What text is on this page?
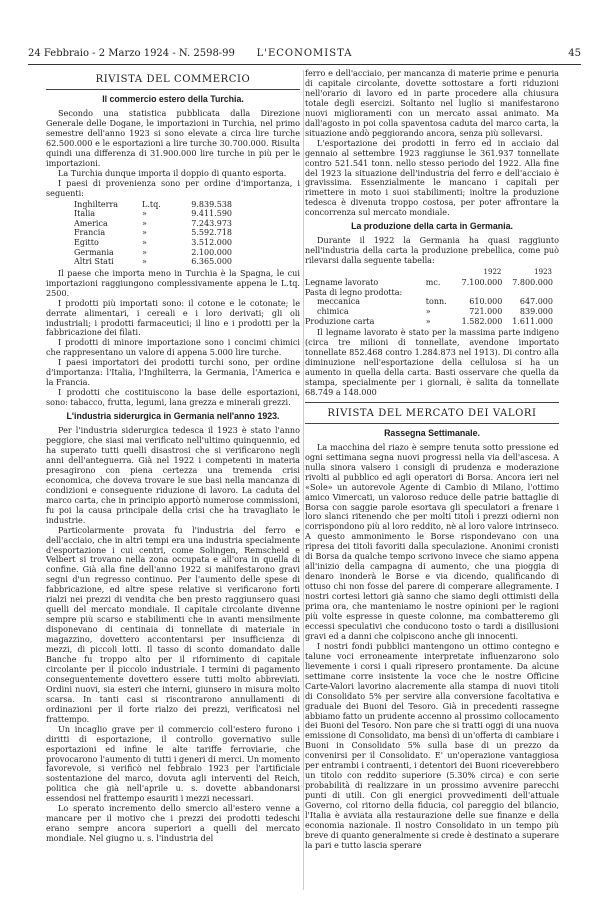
24 Febbraio - 2 Marzo 1924 - N. 2598-99	L'ECONOMISTA	45
RIVISTA DEL COMMERCIO
Il commercio estero della Turchia.

Secondo una statistica pubblicata dalla Direzione Generale delle Dogane, le importazioni in Turchia, nel primo semestre dell'anno 1923 si sono elevate a circa lire turche 62.500.000 e le esportazioni a lire turche 30.700.000. Risulta quindi una differenza di 31.900.000 lire turche in più per le importazioni.

La Turchia dunque importa il doppio di quanto esporta.

I paesi di provenienza sono per ordine d'importanza, i seguenti:

Inghilterra	L.tq.	9.839.538
Italia	»	9.411.590
America	»	7.243.973
Francia	»	5.592.718
Egitto	»	3.512.000
Germania	»	2.100.000
Altri Stati	»	6.365.000

Il paese che importa meno in Turchia è la Spagna, le cui importazioni raggiungono complessivamente appena le L.tq. 2500.

I prodotti più importati sono: il cotone e le cotonate; le derrate alimentari, i cereali e i loro derivati; gli oli industriali; i prodotti farmaceutici; il lino e i prodotti per la fabbricazione dei filati.

I prodotti di minore importazione sono i concimi chimici che rappresentano un valore di appena 5.000 lire turche.

I paesi importatori dei prodotti turchi sono, per ordine d'importanza: l'Italia, l'Inghilterra, la Germania, l'America e la Francia.

I prodotti che costituiscono la base delle esportazioni, sono: tabacco, frutta, legumi, lana grezza e minerali grezzi.

L'industria siderurgica in Germania nell'anno 1923.

Per l'industria siderurgica tedesca il 1923 è stato l'anno peggiore, che siasi mai verificato nell'ultimo quinquennio, ed ha superato tutti quelli disastrosi che si verificarono negli anni dell'anteguerra. Già nel 1922 i competenti in materia presagirono con piena certezza una tremenda crisi economica, che doveva trovare le sue basi nella mancanza di condizioni e conseguente riduzione di lavoro. La caduta del marco carta, che in principio apportò numerose commissioni, fu poi la causa principale della crisi che ha travagliato le industrie.

Particolarmente provata fu l'industria del ferro e dell'acciaio, che in altri tempi era una industria specialmente d'esportazione i cui centri, come Solingen, Remscheid e Velbert si trovano nella zona occupata e all'ora in quella di confine. Già alla fine dell'anno 1922 si manifestarono gravi segni d'un regresso continuo. Per l'aumento delle spese di fabbricazione, ed altre spese relative si verificarono forti rialzi nei prezzi di vendita che ben presto raggiunsero quasi quelli del mercato mondiale. Il capitale circolante divenne sempre più scarso e stabilimenti che in avanti mensilmente disponevano di centinaia di tonnellate di materiale in magazzino, dovettero accontentarsi per insufficienza di mezzi, di piccoli lotti. Il tasso di sconto domandato dalle Banche fu troppo alto per il rifornimento di capitale circolante per il piccolo industriale. I termini di pagamento conseguentemente dovettero essere tutti molto abbreviati. Ordini nuovi, sia esteri che interni, giunsero in misura molto scarsa. In tanti casi si riscontrarono annullamenti di ordinazioni per il forte rialzo dei prezzi, verificatosi nel frattempo.

Un incaglio grave per il commercio coll'estero furono i diritti di esportazione, il controllo governativo sulle esportazioni ed infine le alte tariffe ferroviarie, che provocarono l'aumento di tutti i generi di merci. Un momento favorevole, si verificò nel febbraio 1923 per l'artificiale sostentazione del marco, dovuta agli interventi del Reich, politica che già nell'aprile u. s. dovette abbandonarsi essendosi nel frattempo esauriti i mezzi necessari.

Lo sperato incremento dello smercio all'estero venne a mancare per il motivo che i prezzi dei prodotti tedeschi erano sempre ancora superiori a quelli del mercato mondiale. Nel giugno u. s. l'industria del

ferro e dell'acciaio, per mancanza di materie prime e penuria di capitale circolante, dovette sottostare a forti riduzioni nell'orario di lavoro ed in parte procedere alla chiusura totale degli esercizi. Soltanto nel luglio si manifestarono nuovi miglioramenti con un mercato assai animato. Ma dall'agosto in poi colla spaventosa caduta del marco carta, la situazione andò peggiorando ancora, senza più sollevarsi.

L'esportazione dei prodotti in ferro ed in acciaio dal gennaio al settembre 1923 raggiunse le 361.937 tonnellate contro 521.541 tonn. nello stesso periodo del 1922. Alla fine del 1923 la situazione dell'industria del ferro e dell'acciaio è gravissima. Essenzialmente le mancano i capitali per rimettere in moto i suoi stabilimenti; inoltre la produzione tedesca è divenuta troppo costosa, per poter affrontare la concorrenza sul mercato mondiale.

La produzione della carta in Germania.

Durante il 1922 la Germania ha quasi raggiunto nell'industria della carta la produzione prebellica, come può rilevarsi dalla seguente tabella:

		1922	1923
Legname lavorato	mc.	7.100.000	7.800.000
Pasta di legno prodotta:			
meccanica	tonn.	610.000	647.000
chimica	»	721.000	839.000
Produzione carta	»	1.582.000	1.611.000

Il legname lavorato è stato per la massima parte indigeno (circa tre milioni di tonnellate, avendone importato tonnellate 852.468 contro 1.284.873 nel 1913). Di contro alla diminuzione nell'esportazione della cellulosa si ha un aumento in quella della carta. Basti osservare che quella da stampa, specialmente per i giornali, è salita da tonnellate 68.749 a 148.000

RIVISTA DEL MERCATO DEI VALORI
Rassegna Settimanale.

La macchina del riazo è sempre tenuta sotto pressione ed ogni settimana segna nuovi progressi nella via dell'ascesa. A nulla sinora valsero i consigli di prudenza e moderazione rivolti al pubblico ed agli operatori di Borsa. Ancora ieri nel «Sole» un autorevole Agente di Cambio di Milano, l'ottimo amico Vimercati, un valoroso reduce delle patrie battaglie di Borsa con saggie parole esortava gli speculatori a frenare i loro slanci ritenendo che per molti titoli i prezzi odierni non corrispondono più al loro reddito, nè al loro valore intrinseco. A questo ammonimento le Borse rispondevano con una ripresa dei titoli favoriti dalla speculazione. Anonimi cronisti di Borsa da qualche tempo scrivono invece che siamo appena all'inizio della campagna di aumento, che una pioggia di denaro inonderà le Borse e via dicendo, qualificando di ottuso chi non fosse del parere di comperare allegramente. I nostri cortesi lettori già sanno che siamo degli ottimisti della prima ora, che manteniamo le nostre opinioni per le ragioni più volte espresse in queste colonne, ma combatteremo gli eccessi speculativi che conducono tosto o tardi a disillusioni gravi ed a danni che colpiscono anche gli innocenti.

I nostri fondi pubblici mantengono un ottimo contegno e talune voci erroneamente interpretate influenzarono solo lievemente i corsi i quali ripresero prontamente. Da alcune settimane corre insistente la voce che le nostre Officine Carte-Valori lavorino alacremente alla stampa di nuovi titoli di Consolidato 5% per servire alla conversione facoltativa e graduale dei Buoni del Tesoro. Già in precedenti rassegne abbiamo fatto un prudente accenno al prossimo collocamento dei Buoni del Tesoro. Non pare che si tratti oggi di una nuova emissione di Consolidato, ma bensì di un'offerta di cambiare i Buoni in Consolidato 5% sulla base di un prezzo da convenirsi per il Consolidato. E' un'operazione vantaggiosa per entrambi i contraenti, i detentori dei Buoni riceverebbero un titolo con reddito superiore (5.30% circa) e con serie probabilità di realizzare in un prossimo avvenire parecchi punti di utili. Con gli energici provvedimenti dell'attuale Governo, col ritorno della fiducia, col pareggio del bilancio, l'Italia è avviata alla restaurazione delle sue finanze e della economia nazionale. Il nostro Consolidato in un tempo più breve di quanto generalmente si crede è destinato a superare la pari e tutto lascia sperare
